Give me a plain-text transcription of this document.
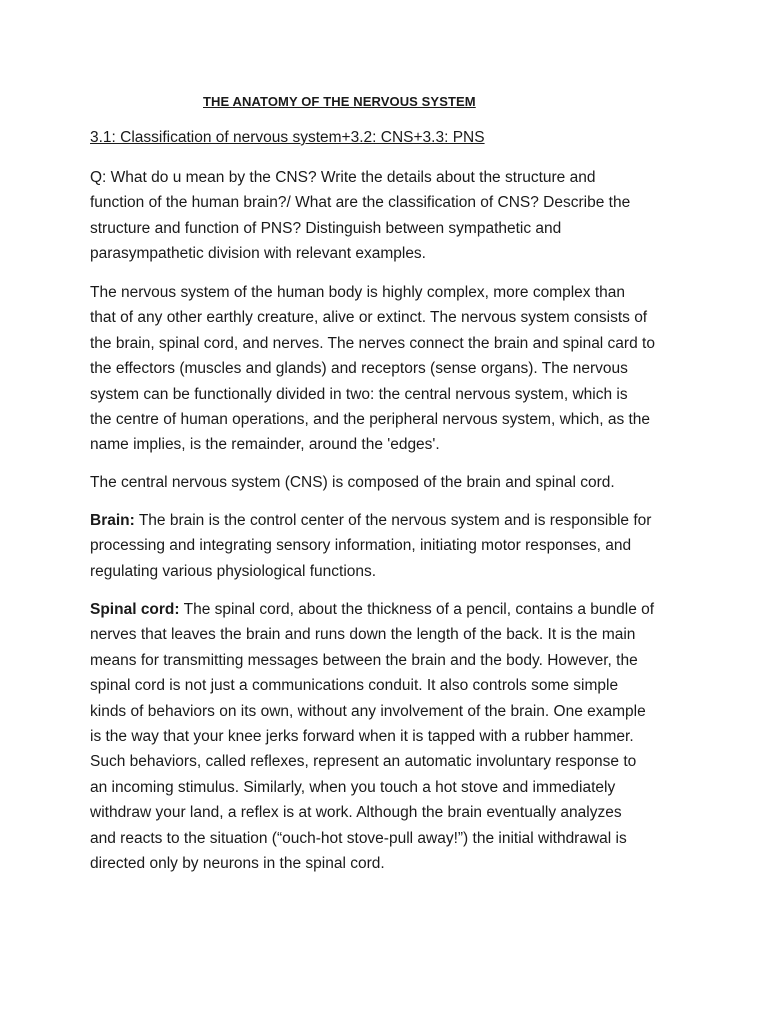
THE ANATOMY OF THE NERVOUS SYSTEM
3.1: Classification of nervous system+3.2: CNS+3.3: PNS
Q: What do u mean by the CNS? Write the details about the structure and
function of the human brain?/ What are the classification of CNS? Describe the
structure and function of PNS? Distinguish between sympathetic and
parasympathetic division with relevant examples.
The nervous system of the human body is highly complex, more complex than
that of any other earthly creature, alive or extinct. The nervous system consists of
the brain, spinal cord, and nerves. The nerves connect the brain and spinal card to
the effectors (muscles and glands) and receptors (sense organs). The nervous
system can be functionally divided in two: the central nervous system, which is
the centre of human operations, and the peripheral nervous system, which, as the
name implies, is the remainder, around the 'edges'.
The central nervous system (CNS) is composed of the brain and spinal cord.
Brain: The brain is the control center of the nervous system and is responsible for
processing and integrating sensory information, initiating motor responses, and
regulating various physiological functions.
Spinal cord: The spinal cord, about the thickness of a pencil, contains a bundle of
nerves that leaves the brain and runs down the length of the back. It is the main
means for transmitting messages between the brain and the body. However, the
spinal cord is not just a communications conduit. It also controls some simple
kinds of behaviors on its own, without any involvement of the brain. One example
is the way that your knee jerks forward when it is tapped with a rubber hammer.
Such behaviors, called reflexes, represent an automatic involuntary response to
an incoming stimulus. Similarly, when you touch a hot stove and immediately
withdraw your land, a reflex is at work. Although the brain eventually analyzes
and reacts to the situation (“ouch-hot stove-pull away!”) the initial withdrawal is
directed only by neurons in the spinal cord.
